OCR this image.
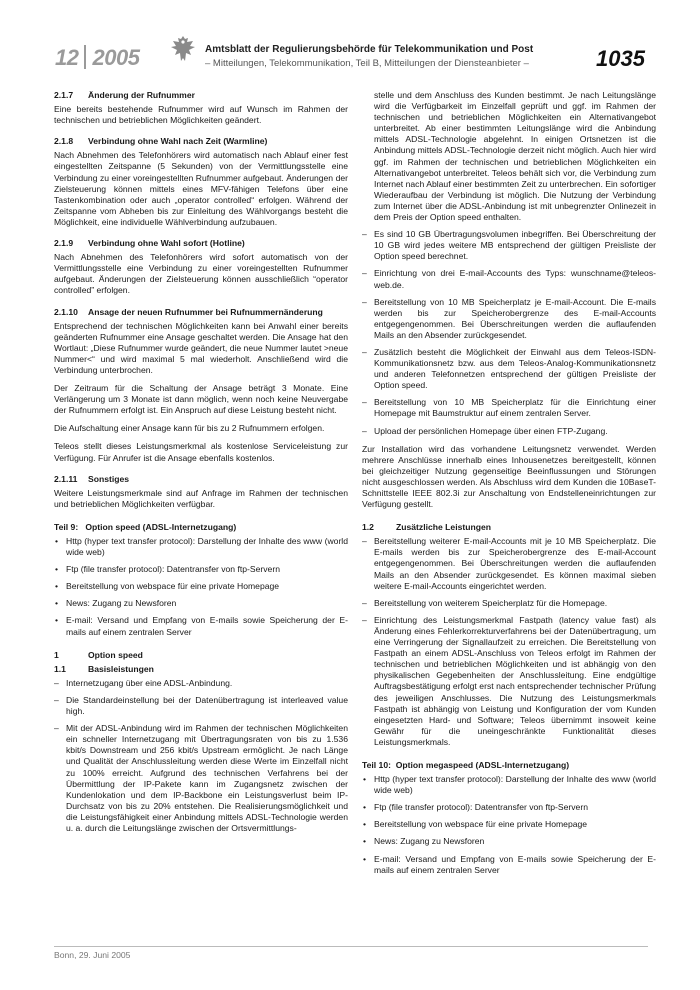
12 2005	Amtsblatt der Regulierungsbehörde für Telekommunikation und Post
– Mitteilungen, Telekommunikation, Teil B, Mitteilungen der Diensteanbieter –	1035
2.1.7	Änderung der Rufnummer

Eine bereits bestehende Rufnummer wird auf Wunsch im Rahmen der technischen und betrieblichen Möglichkeiten geändert.

2.1.8	Verbindung ohne Wahl nach Zeit (Warmline)

Nach Abnehmen des Telefonhörers wird automatisch nach Ablauf einer fest eingestellten Zeitspanne (5 Sekunden) von der Vermittlungsstelle eine Verbindung zu einer voreingestellten Rufnummer aufgebaut. Änderungen der Zielsteuerung können mittels eines MFV-fähigen Telefons über eine Tastenkombination oder auch „operator controlled“ erfolgen. Während der Zeitspanne vom Abheben bis zur Einleitung des Wählvorgangs besteht die Möglichkeit, eine individuelle Wählverbindung aufzubauen.

2.1.9	Verbindung ohne Wahl sofort (Hotline)

Nach Abnehmen des Telefonhörers wird sofort automatisch von der Vermittlungsstelle eine Verbindung zu einer voreingestellten Rufnummer aufgebaut. Änderungen der Zielsteuerung können ausschließlich “operator controlled” erfolgen.

2.1.10	Ansage der neuen Rufnummer bei Rufnummernänderung

Entsprechend der technischen Möglichkeiten kann bei Anwahl einer bereits geänderten Rufnummer eine Ansage geschaltet werden. Die Ansage hat den Wortlaut: „Diese Rufnummer wurde geändert, die neue Nummer lautet >neue Nummer<“ und wird maximal 5 mal wiederholt. Anschließend wird die Verbindung unterbrochen.

Der Zeitraum für die Schaltung der Ansage beträgt 3 Monate. Eine Verlängerung um 3 Monate ist dann möglich, wenn noch keine Neuvergabe der Rufnummern erfolgt ist. Ein Anspruch auf diese Leistung besteht nicht.

Die Aufschaltung einer Ansage kann für bis zu 2 Rufnummern erfolgen.

Teleos stellt dieses Leistungsmerkmal als kostenlose Serviceleistung zur Verfügung. Für Anrufer ist die Ansage ebenfalls kostenlos.

2.1.11	Sonstiges

Weitere Leistungsmerkmale sind auf Anfrage im Rahmen der technischen und betrieblichen Möglichkeiten verfügbar.

Teil 9:   Option speed (ADSL-Internetzugang)
• Http (hyper text transfer protocol): Darstellung der Inhalte des www (world wide web)
• Ftp (file transfer protocol): Datentransfer von ftp-Servern
• Bereitstellung von webspace für eine private Homepage
• News: Zugang zu Newsforen
• E-mail: Versand und Empfang von E-mails sowie Speicherung der E-mails auf einem zentralen Server
1	Option speed
1.1	Basisleistungen
– Internetzugang über eine ADSL-Anbindung.
– Die Standardeinstellung bei der Datenübertragung ist interleaved value high.
– Mit der ADSL-Anbindung wird im Rahmen der technischen Möglichkeiten ein schneller Internetzugang mit Übertragungsraten von bis zu 1.536 kbit/s Downstream und 256 kbit/s Upstream ermöglicht. Je nach Länge und Qualität der Anschlussleitung werden diese Werte im Einzelfall nicht zu 100% erreicht. Aufgrund des technischen Verfahrens bei der Übermittlung der IP-Pakete kann im Zugangsnetz zwischen der Kundenlokation und dem IP-Backbone ein Leistungsverlust beim IP-Durchsatz von bis zu 20% entstehen. Die Realisierungsmöglichkeit und die Leistungsfähigkeit einer Anbindung mittels ADSL-Technologie werden u. a. durch die Leitungslänge zwischen der Ortsvermittlungs-
stelle und dem Anschluss des Kunden bestimmt. Je nach Leitungslänge wird die Verfügbarkeit im Einzelfall geprüft und ggf. im Rahmen der technischen und betrieblichen Möglichkeiten ein Alternativangebot unterbreitet. Ab einer bestimmten Leitungslänge wird die Anbindung mittels ADSL-Technologie abgelehnt. In einigen Ortsnetzen ist die Anbindung mittels ADSL-Technologie derzeit nicht möglich. Auch hier wird ggf. im Rahmen der technischen und betrieblichen Möglichkeiten ein Alternativangebot unterbreitet. Teleos behält sich vor, die Verbindung zum Internet nach Ablauf einer bestimmten Zeit zu unterbrechen. Ein sofortiger Wiederaufbau der Verbindung ist möglich. Die Nutzung der Verbindung zum Internet über die ADSL-Anbindung ist mit unbegrenzter Onlinezeit in dem Preis der Option speed enthalten.
– Es sind 10 GB Übertragungsvolumen inbegriffen. Bei Überschreitung der 10 GB wird jedes weitere MB entsprechend der gültigen Preisliste der Option speed berechnet.
– Einrichtung von drei E-mail-Accounts des Typs: wunschname@teleos-web.de.
– Bereitstellung von 10 MB Speicherplatz je E-mail-Account. Die E-mails werden bis zur Speicherobergrenze des E-mail-Accounts entgegengenommen. Bei Überschreitungen werden die auflaufenden Mails an den Absender zurückgesendet.
– Zusätzlich besteht die Möglichkeit der Einwahl aus dem Teleos-ISDN-Kommunikationsnetz bzw. aus dem Teleos-Analog-Kommunikationsnetz und anderen Telefonnetzen entsprechend der gültigen Preisliste der Option speed.
– Bereitstellung von 10 MB Speicherplatz für die Einrichtung einer Homepage mit Baumstruktur auf einem zentralen Server.
– Upload der persönlichen Homepage über einen FTP-Zugang.

Zur Installation wird das vorhandene Leitungsnetz verwendet. Werden mehrere Anschlüsse innerhalb eines Inhousenetzes bereitgestellt, können bei gleichzeitiger Nutzung gegenseitige Beeinflussungen und Störungen nicht ausgeschlossen werden. Als Abschluss wird dem Kunden die 10BaseT-Schnittstelle IEEE 802.3i zur Anschaltung von Endstelleneinrichtungen zur Verfügung gestellt.

1.2	Zusätzliche Leistungen
– Bereitstellung weiterer E-mail-Accounts mit je 10 MB Speicherplatz. Die E-mails werden bis zur Speicherobergrenze des E-mail-Account entgegengenommen. Bei Überschreitungen werden die auflaufenden Mails an den Absender zurückgesendet. Es können maximal sieben weitere E-mail-Accounts eingerichtet werden.
– Bereitstellung von weiterem Speicherplatz für die Homepage.
– Einrichtung des Leistungsmerkmal Fastpath (latency value fast) als Änderung eines Fehlerkorrekturverfahrens bei der Datenübertragung, um eine Verringerung der Signallaufzeit zu erreichen. Die Bereitstellung von Fastpath an einem ADSL-Anschluss von Teleos erfolgt im Rahmen der technischen und betrieblichen Möglichkeiten und ist abhängig von den physikalischen Gegebenheiten der Anschlussleitung. Eine endgültige Auftragsbestätigung erfolgt erst nach entsprechender technischer Prüfung des jeweiligen Anschlusses. Die Nutzung des Leistungsmerkmals Fastpath ist abhängig von Leistung und Konfiguration der vom Kunden eingesetzten Hard- und Software; Teleos übernimmt insoweit keine Gewähr für die uneingeschränkte Funktionalität dieses Leistungsmerkmals.
Teil 10:  Option megaspeed (ADSL-Internetzugang)
• Http (hyper text transfer protocol): Darstellung der Inhalte des www (world wide web)
• Ftp (file transfer protocol): Datentransfer von ftp-Servern
• Bereitstellung von webspace für eine private Homepage
• News: Zugang zu Newsforen
• E-mail: Versand und Empfang von E-mails sowie Speicherung der E-mails auf einem zentralen Server
Bonn, 29. Juni 2005
